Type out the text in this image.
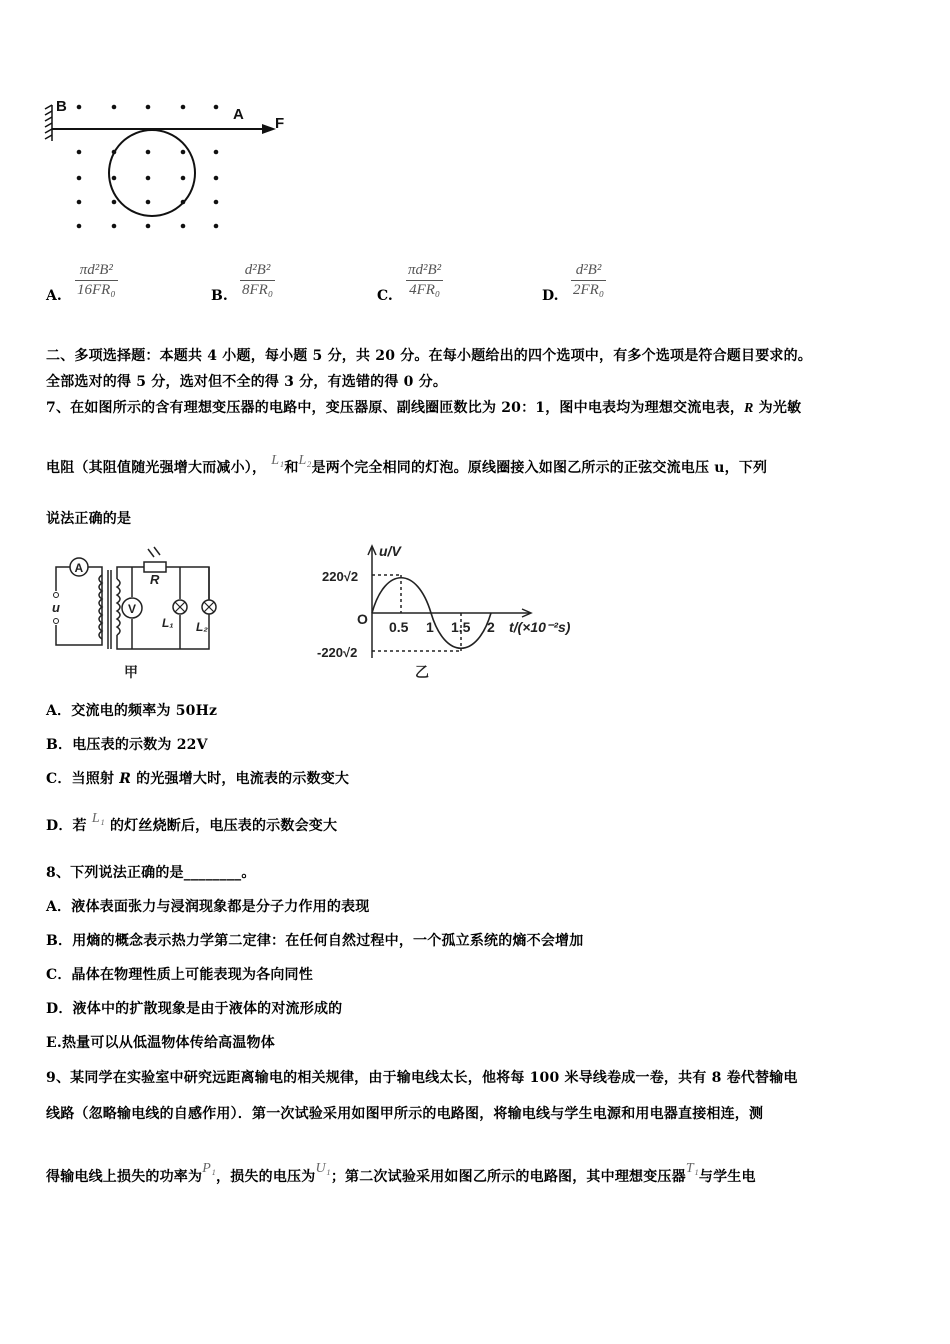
B	A
F
A.
πd²B²
16FR₀	B.
d²B²
8FR₀	C.
πd²B²
4FR₀	D.
d²B²
2FR₀
二、多项选择题：本题共 4 小题，每小题 5 分，共 20 分。在每小题给出的四个选项中，有多个选项是符合题目要求的。
全部选对的得 5 分，选对但不全的得 3 分，有选错的得 0 分。
7、在如图所示的含有理想变压器的电路中，变压器原、副线圈匝数比为 20：1，图中电表均为理想交流电表，R 为光敏
电阻（其阻值随光强增大而减小）， L₁和L₂是两个完全相同的灯泡。原线圈接入如图乙所示的正弦交流电压 u，下列
说法正确的是
A
V
u
R
L₁ L₂
甲
u/V
220√2
-220√2
O 0.5 1 1.5 2 t/(×10⁻²s)
乙
A．交流电的频率为 50Hz
B．电压表的示数为 22V
C．当照射 R 的光强增大时，电流表的示数变大
D．若 L₁ 的灯丝烧断后，电压表的示数会变大
8、下列说法正确的是________。
A．液体表面张力与浸润现象都是分子力作用的表现
B．用熵的概念表示热力学第二定律：在任何自然过程中，一个孤立系统的熵不会增加
C．晶体在物理性质上可能表现为各向同性
D．液体中的扩散现象是由于液体的对流形成的
E.热量可以从低温物体传给高温物体
9、某同学在实验室中研究远距离输电的相关规律，由于输电线太长，他将每 100 米导线卷成一卷，共有 8 卷代替输电
线路（忽略输电线的自感作用）．第一次试验采用如图甲所示的电路图，将输电线与学生电源和用电器直接相连，测
得输电线上损失的功率为P₁，损失的电压为U₁；第二次试验采用如图乙所示的电路图，其中理想变压器T₁与学生电
